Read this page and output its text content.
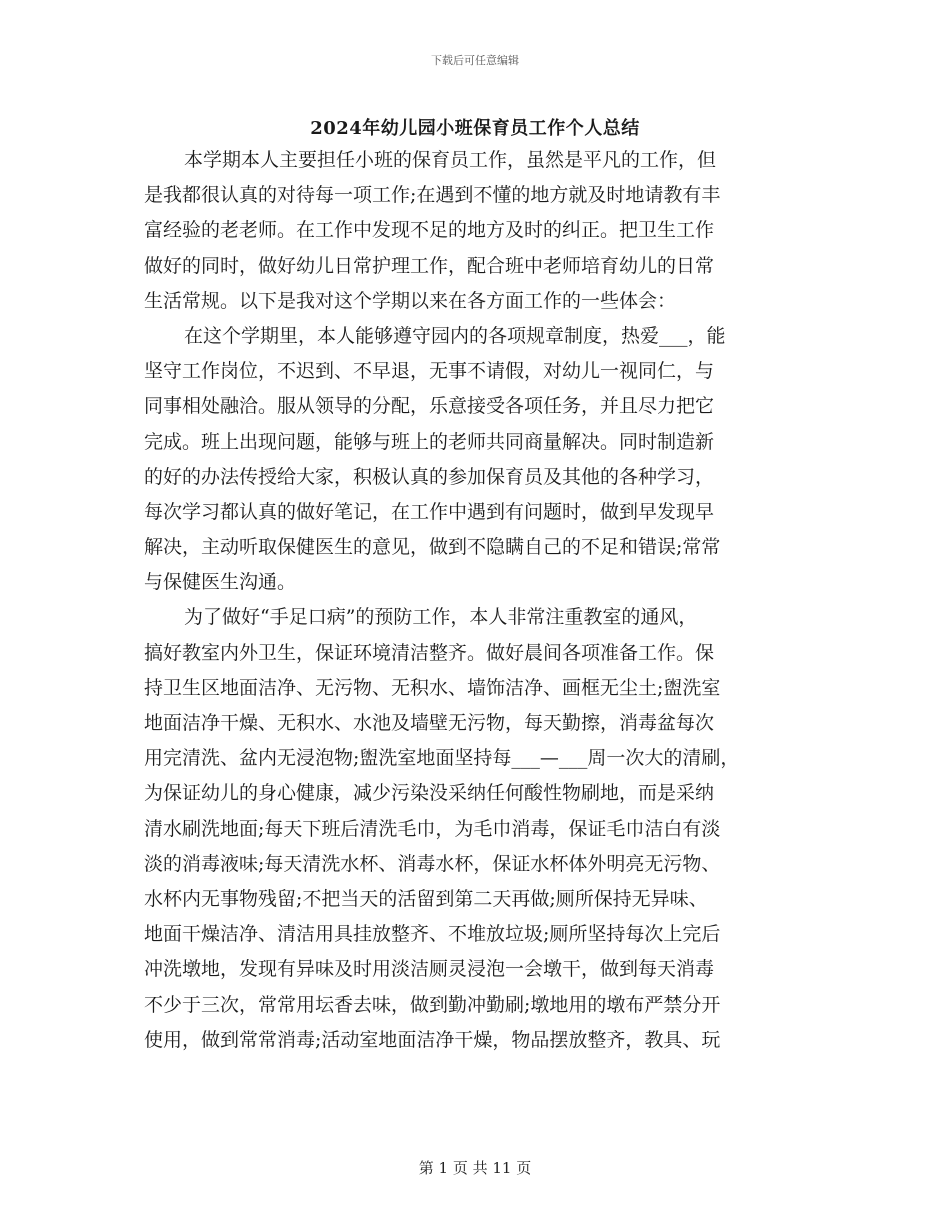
下载后可任意编辑
2024年幼儿园小班保育员工作个人总结
本学期本人主要担任小班的保育员工作，虽然是平凡的工作，但
是我都很认真的对待每一项工作;在遇到不懂的地方就及时地请教有丰
富经验的老老师。在工作中发现不足的地方及时的纠正。把卫生工作
做好的同时，做好幼儿日常护理工作，配合班中老师培育幼儿的日常
生活常规。以下是我对这个学期以来在各方面工作的一些体会：
在这个学期里，本人能够遵守园内的各项规章制度，热爱___，能
坚守工作岗位，不迟到、不早退，无事不请假，对幼儿一视同仁，与
同事相处融洽。服从领导的分配，乐意接受各项任务，并且尽力把它
完成。班上出现问题，能够与班上的老师共同商量解决。同时制造新
的好的办法传授给大家，积极认真的参加保育员及其他的各种学习，
每次学习都认真的做好笔记，在工作中遇到有问题时，做到早发现早
解决，主动听取保健医生的意见，做到不隐瞒自己的不足和错误;常常
与保健医生沟通。
为了做好“手足口病”的预防工作，本人非常注重教室的通风，
搞好教室内外卫生，保证环境清洁整齐。做好晨间各项准备工作。保
持卫生区地面洁净、无污物、无积水、墙饰洁净、画框无尘土;盥洗室
地面洁净干燥、无积水、水池及墙壁无污物，每天勤擦，消毒盆每次
用完清洗、盆内无浸泡物;盥洗室地面坚持每___—___周一次大的清刷，
为保证幼儿的身心健康，减少污染没采纳任何酸性物刷地，而是采纳
清水刷洗地面;每天下班后清洗毛巾，为毛巾消毒，保证毛巾洁白有淡
淡的消毒液味;每天清洗水杯、消毒水杯，保证水杯体外明亮无污物、
水杯内无事物残留;不把当天的活留到第二天再做;厕所保持无异味、
地面干燥洁净、清洁用具挂放整齐、不堆放垃圾;厕所坚持每次上完后
冲洗墩地，发现有异味及时用淡洁厕灵浸泡一会墩干，做到每天消毒
不少于三次，常常用坛香去味，做到勤冲勤刷;墩地用的墩布严禁分开
使用，做到常常消毒;活动室地面洁净干燥，物品摆放整齐，教具、玩
第 1 页 共 11 页
